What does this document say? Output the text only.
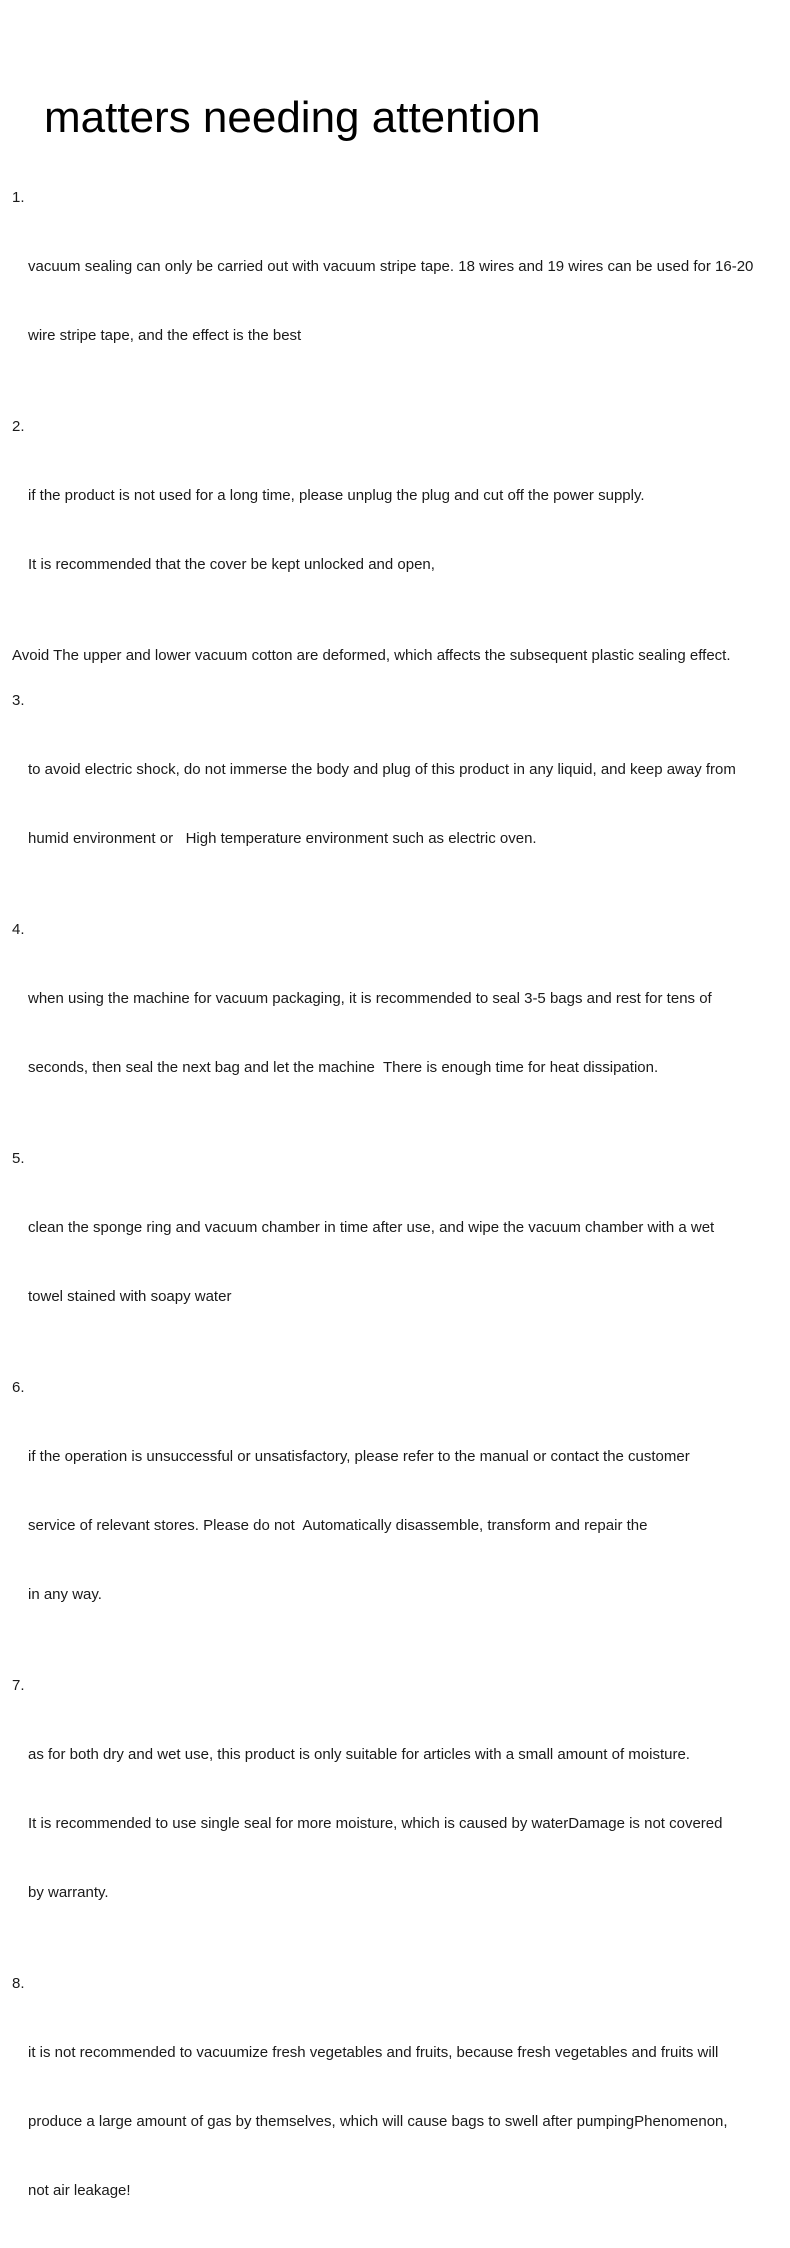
matters needing attention

1.

vacuum sealing can only be carried out with vacuum stripe tape. 18 wires and 19 wires can be used for 16-20

wire stripe tape, and the effect is the best

2.

if the product is not used for a long time, please unplug the plug and cut off the power supply.

It is recommended that the cover be kept unlocked and open,

Avoid The upper and lower vacuum cotton are deformed, which affects the subsequent plastic sealing effect.

3.

to avoid electric shock, do not immerse the body and plug of this product in any liquid, and keep away from

humid environment or   High temperature environment such as electric oven.

4.

when using the machine for vacuum packaging, it is recommended to seal 3-5 bags and rest for tens of

seconds, then seal the next bag and let the machine  There is enough time for heat dissipation.

5.

clean the sponge ring and vacuum chamber in time after use, and wipe the vacuum chamber with a wet

towel stained with soapy water

6.

if the operation is unsuccessful or unsatisfactory, please refer to the manual or contact the customer

service of relevant stores. Please do not  Automatically disassemble, transform and repair the

in any way.

7.

as for both dry and wet use, this product is only suitable for articles with a small amount of moisture.

It is recommended to use single seal for more moisture, which is caused by waterDamage is not covered

by warranty.

8.

it is not recommended to vacuumize fresh vegetables and fruits, because fresh vegetables and fruits will

produce a large amount of gas by themselves, which will cause bags to swell after pumpingPhenomenon,

not air leakage!
